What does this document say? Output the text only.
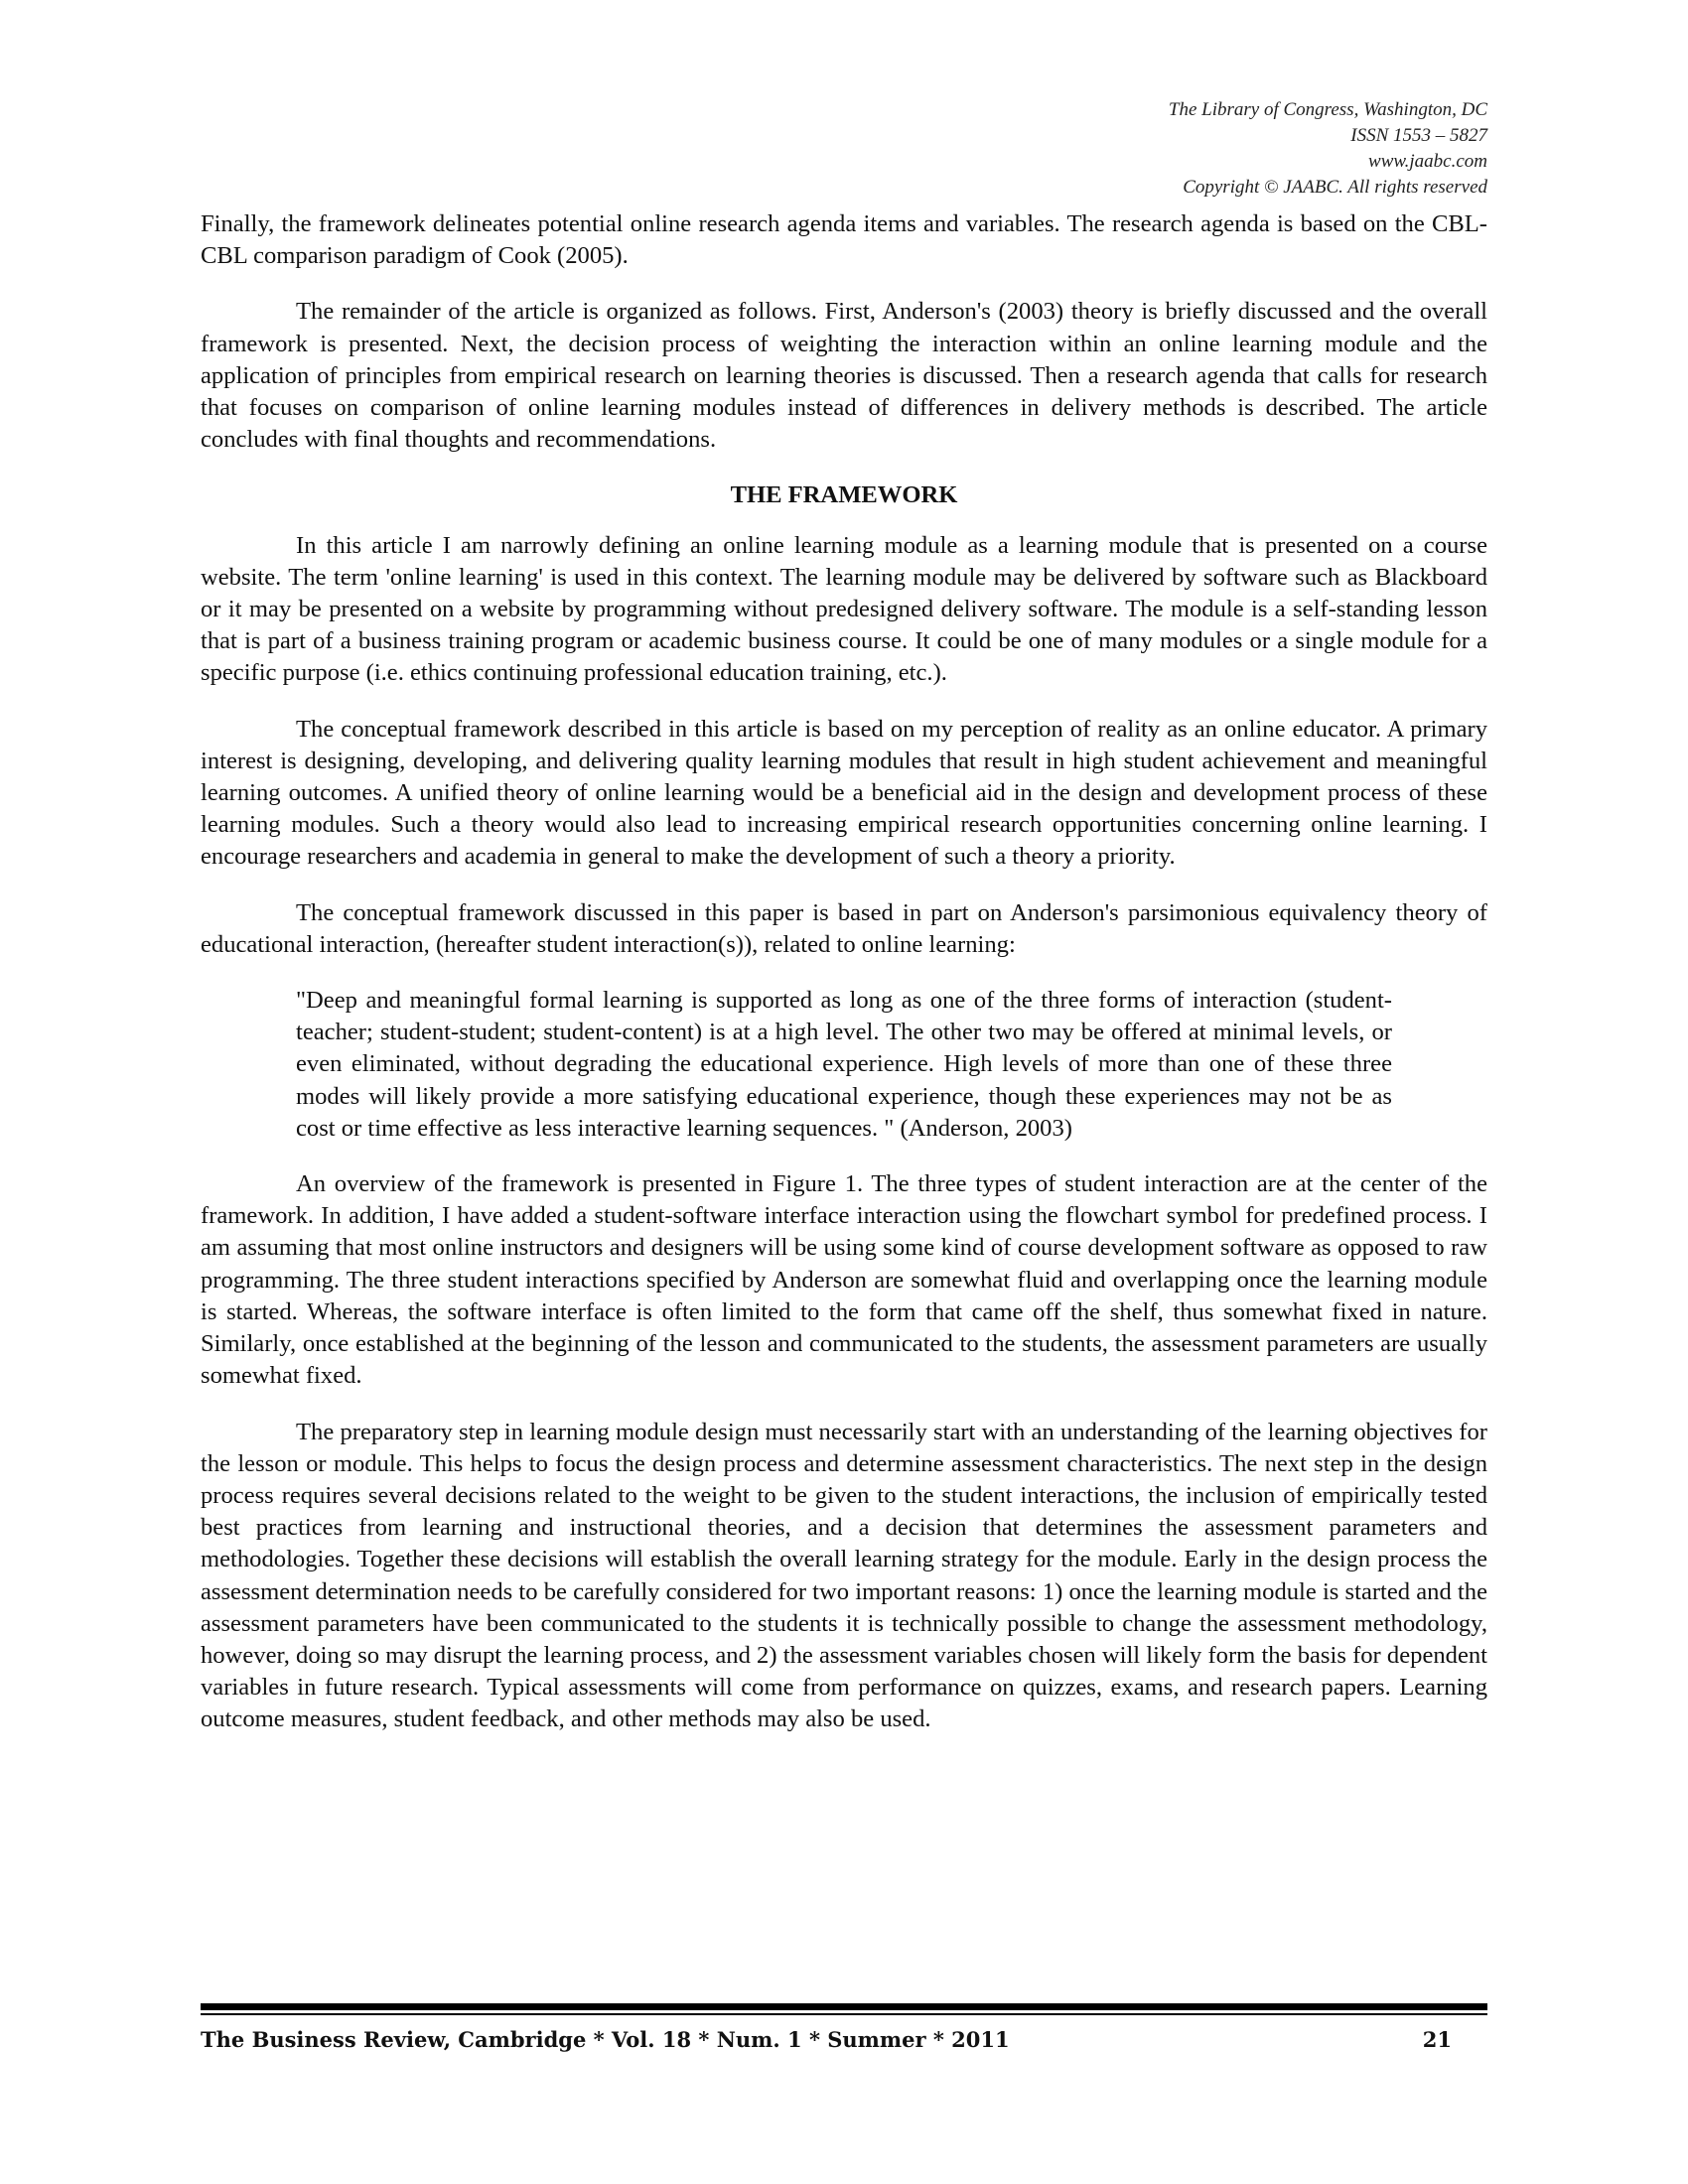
The Library of Congress, Washington, DC
ISSN 1553 – 5827
www.jaabc.com
Copyright © JAABC. All rights reserved

Finally, the framework delineates potential online research agenda items and variables. The research agenda is based on the CBL-CBL comparison paradigm of Cook (2005).

The remainder of the article is organized as follows. First, Anderson's (2003) theory is briefly discussed and the overall framework is presented. Next, the decision process of weighting the interaction within an online learning module and the application of principles from empirical research on learning theories is discussed. Then a research agenda that calls for research that focuses on comparison of online learning modules instead of differences in delivery methods is described. The article concludes with final thoughts and recommendations.

THE FRAMEWORK

In this article I am narrowly defining an online learning module as a learning module that is presented on a course website. The term 'online learning' is used in this context. The learning module may be delivered by software such as Blackboard or it may be presented on a website by programming without predesigned delivery software. The module is a self-standing lesson that is part of a business training program or academic business course. It could be one of many modules or a single module for a specific purpose (i.e. ethics continuing professional education training, etc.).

The conceptual framework described in this article is based on my perception of reality as an online educator. A primary interest is designing, developing, and delivering quality learning modules that result in high student achievement and meaningful learning outcomes. A unified theory of online learning would be a beneficial aid in the design and development process of these learning modules. Such a theory would also lead to increasing empirical research opportunities concerning online learning. I encourage researchers and academia in general to make the development of such a theory a priority.

The conceptual framework discussed in this paper is based in part on Anderson's parsimonious equivalency theory of educational interaction, (hereafter student interaction(s)), related to online learning:

"Deep and meaningful formal learning is supported as long as one of the three forms of interaction (student-teacher; student-student; student-content) is at a high level. The other two may be offered at minimal levels, or even eliminated, without degrading the educational experience. High levels of more than one of these three modes will likely provide a more satisfying educational experience, though these experiences may not be as cost or time effective as less interactive learning sequences. " (Anderson, 2003)

An overview of the framework is presented in Figure 1. The three types of student interaction are at the center of the framework. In addition, I have added a student-software interface interaction using the flowchart symbol for predefined process. I am assuming that most online instructors and designers will be using some kind of course development software as opposed to raw programming. The three student interactions specified by Anderson are somewhat fluid and overlapping once the learning module is started. Whereas, the software interface is often limited to the form that came off the shelf, thus somewhat fixed in nature. Similarly, once established at the beginning of the lesson and communicated to the students, the assessment parameters are usually somewhat fixed.

The preparatory step in learning module design must necessarily start with an understanding of the learning objectives for the lesson or module. This helps to focus the design process and determine assessment characteristics. The next step in the design process requires several decisions related to the weight to be given to the student interactions, the inclusion of empirically tested best practices from learning and instructional theories, and a decision that determines the assessment parameters and methodologies. Together these decisions will establish the overall learning strategy for the module. Early in the design process the assessment determination needs to be carefully considered for two important reasons: 1) once the learning module is started and the assessment parameters have been communicated to the students it is technically possible to change the assessment methodology, however, doing so may disrupt the learning process, and 2) the assessment variables chosen will likely form the basis for dependent variables in future research. Typical assessments will come from performance on quizzes, exams, and research papers. Learning outcome measures, student feedback, and other methods may also be used.

The Business Review, Cambridge * Vol. 18 * Num. 1 * Summer * 2011	21
